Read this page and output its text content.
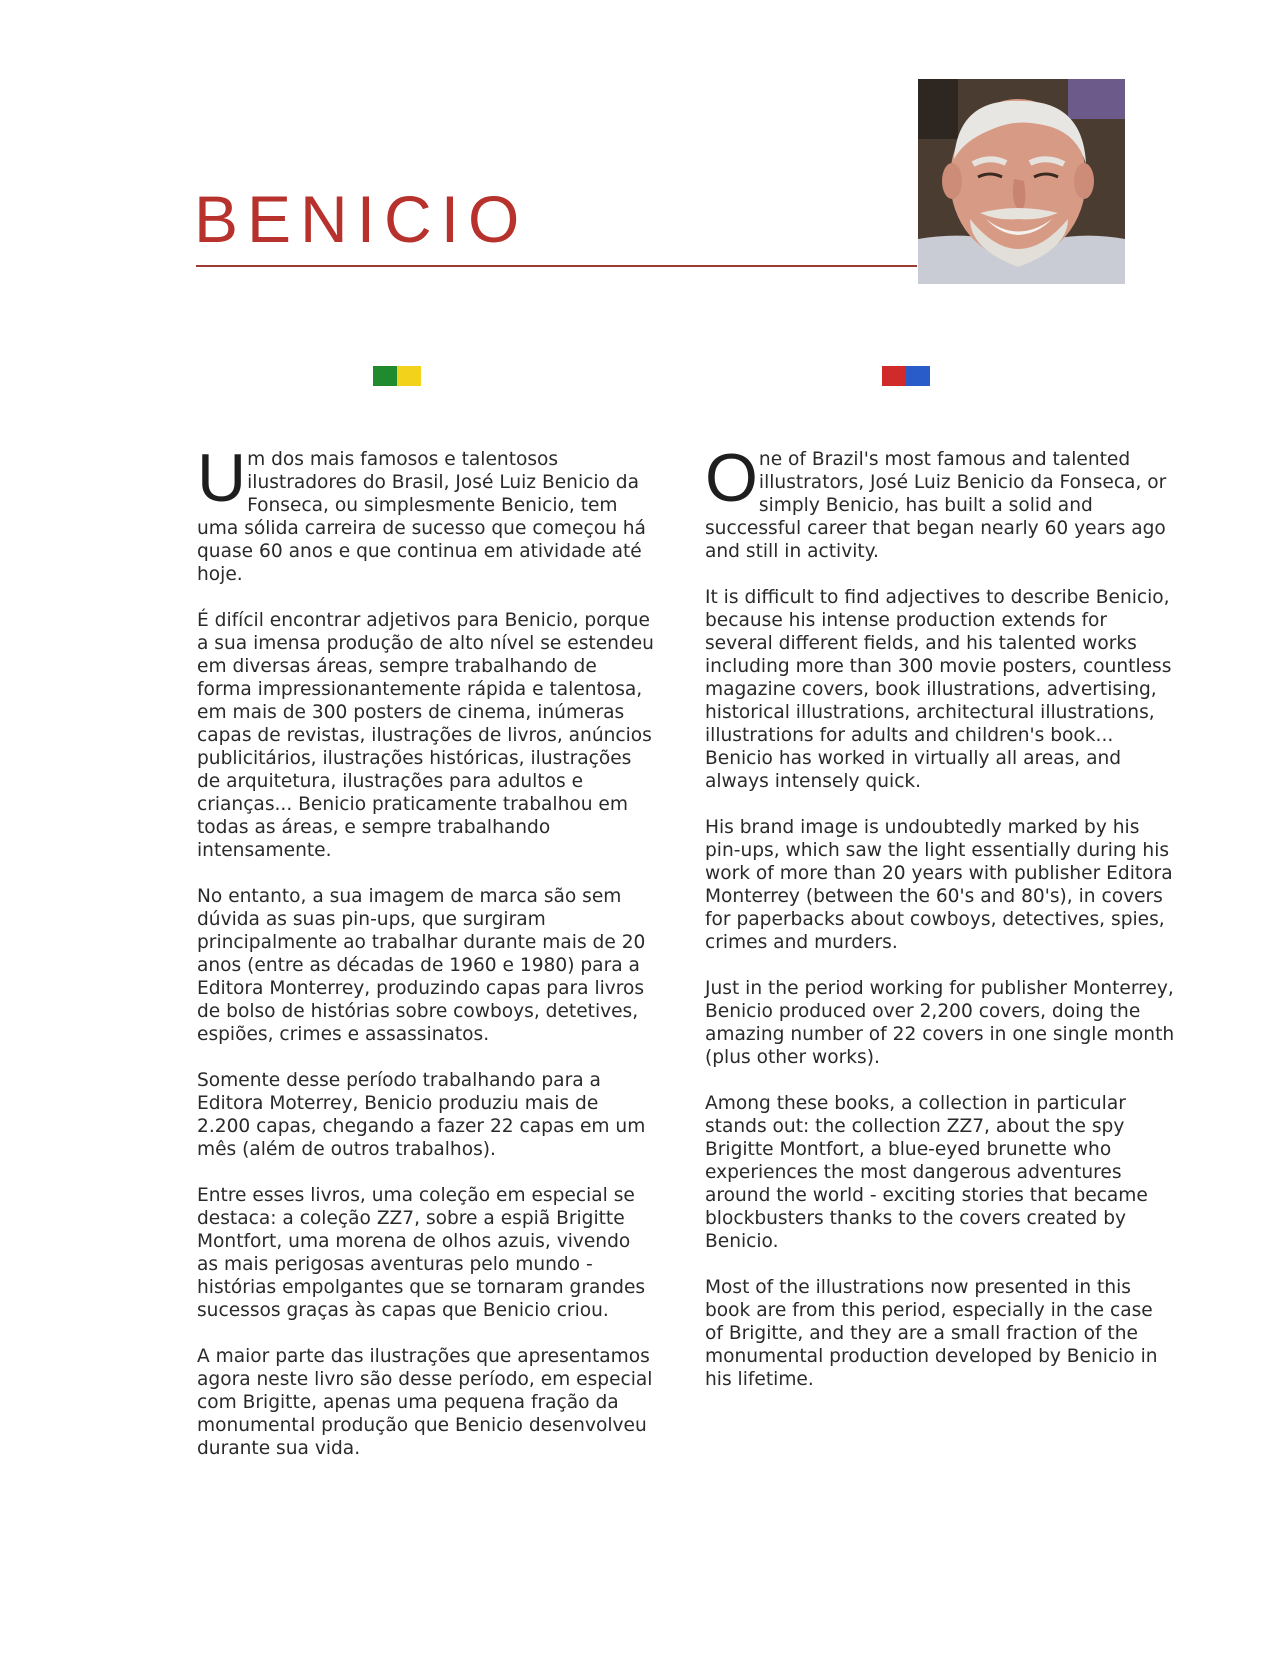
BENICIO

Um dos mais famosos e talentosos ilustradores do Brasil, José Luiz Benicio da Fonseca, ou simplesmente Benicio, tem uma sólida carreira de sucesso que começou há quase 60 anos e que continua em atividade até hoje.

É difícil encontrar adjetivos para Benicio, porque a sua imensa produção de alto nível se estendeu em diversas áreas, sempre trabalhando de forma impressionantemente rápida e talentosa, em mais de 300 posters de cinema, inúmeras capas de revistas, ilustrações de livros, anúncios publicitários, ilustrações históricas, ilustrações de arquitetura, ilustrações para adultos e crianças... Benicio praticamente trabalhou em todas as áreas, e sempre trabalhando intensamente.

No entanto, a sua imagem de marca são sem dúvida as suas pin-ups, que surgiram principalmente ao trabalhar durante mais de 20 anos (entre as décadas de 1960 e 1980) para a Editora Monterrey, produzindo capas para livros de bolso de histórias sobre cowboys, detetives, espiões, crimes e assassinatos.

Somente desse período trabalhando para a Editora Moterrey, Benicio produziu mais de 2.200 capas, chegando a fazer 22 capas em um mês (além de outros trabalhos).

Entre esses livros, uma coleção em especial se destaca: a coleção ZZ7, sobre a espiã Brigitte Montfort, uma morena de olhos azuis, vivendo as mais perigosas aventuras pelo mundo - histórias empolgantes que se tornaram grandes sucessos graças às capas que Benicio criou.

A maior parte das ilustrações que apresentamos agora neste livro são desse período, em especial com Brigitte, apenas uma pequena fração da monumental produção que Benicio desenvolveu durante sua vida.

One of Brazil's most famous and talented illustrators, José Luiz Benicio da Fonseca, or simply Benicio, has built a solid and successful career that began nearly 60 years ago and still in activity.

It is difficult to find adjectives to describe Benicio, because his intense production extends for several different fields, and his talented works including more than 300 movie posters, countless magazine covers, book illustrations, advertising, historical illustrations, architectural illustrations, illustrations for adults and children's book... Benicio has worked in virtually all areas, and always intensely quick.

His brand image is undoubtedly marked by his pin-ups, which saw the light essentially during his work of more than 20 years with publisher Editora Monterrey (between the 60's and 80's), in covers for paperbacks about cowboys, detectives, spies, crimes and murders.

Just in the period working for publisher Monterrey, Benicio produced over 2,200 covers, doing the amazing number of 22 covers in one single month (plus other works).

Among these books, a collection in particular stands out: the collection ZZ7, about the spy Brigitte Montfort, a blue-eyed brunette who experiences the most dangerous adventures around the world - exciting stories that became blockbusters thanks to the covers created by Benicio.

Most of the illustrations now presented in this book are from this period, especially in the case of Brigitte, and they are a small fraction of the monumental production developed by Benicio in his lifetime.
